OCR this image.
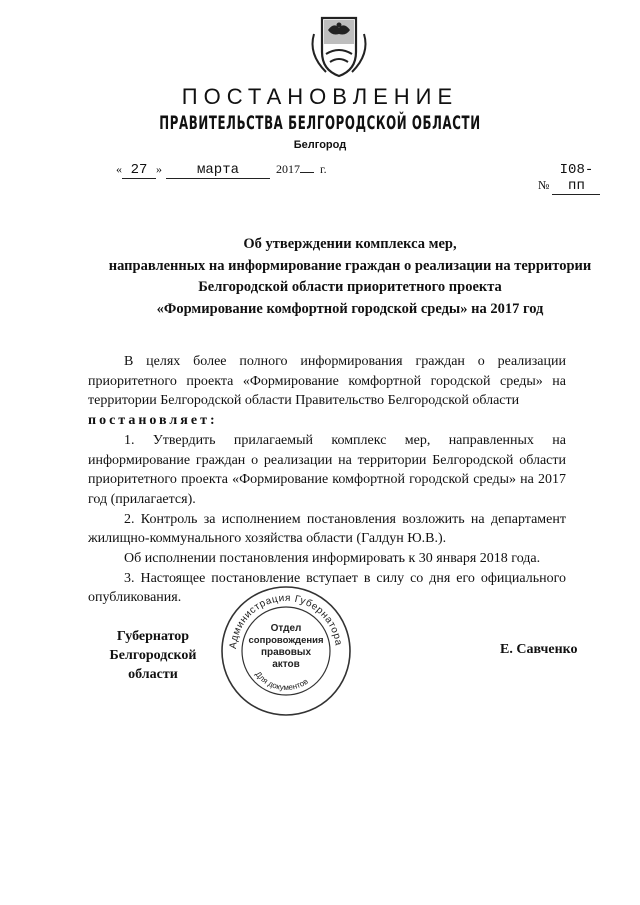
ПОСТАНОВЛЕНИЕ
ПРАВИТЕЛЬСТВА БЕЛГОРОДСКОЙ ОБЛАСТИ
Белгород
« 27 » марта	2017 г.
№ I08-пп
Об утверждении комплекса мер,
направленных на информирование граждан о реализации на территории
Белгородской области приоритетного проекта
«Формирование комфортной городской среды» на 2017 год

В целях более полного информирования граждан о реализации приоритетного проекта «Формирование комфортной городской среды» на территории Белгородской области Правительство Белгородской области

постановляет:

1. Утвердить прилагаемый комплекс мер, направленных на информирование граждан о реализации на территории Белгородской области приоритетного проекта «Формирование комфортной городской среды» на 2017 год (прилагается).

2. Контроль за исполнением постановления возложить на департамент жилищно-коммунального хозяйства области (Галдун Ю.В.).

Об исполнении постановления информировать к 30 января 2018 года.

3. Настоящее постановление вступает в силу со дня его официального опубликования.

Губернатор
Белгородской области
Е. Савченко
Администрация Губернатора
Для документов
Отдел
сопровождения
правовых
актов
